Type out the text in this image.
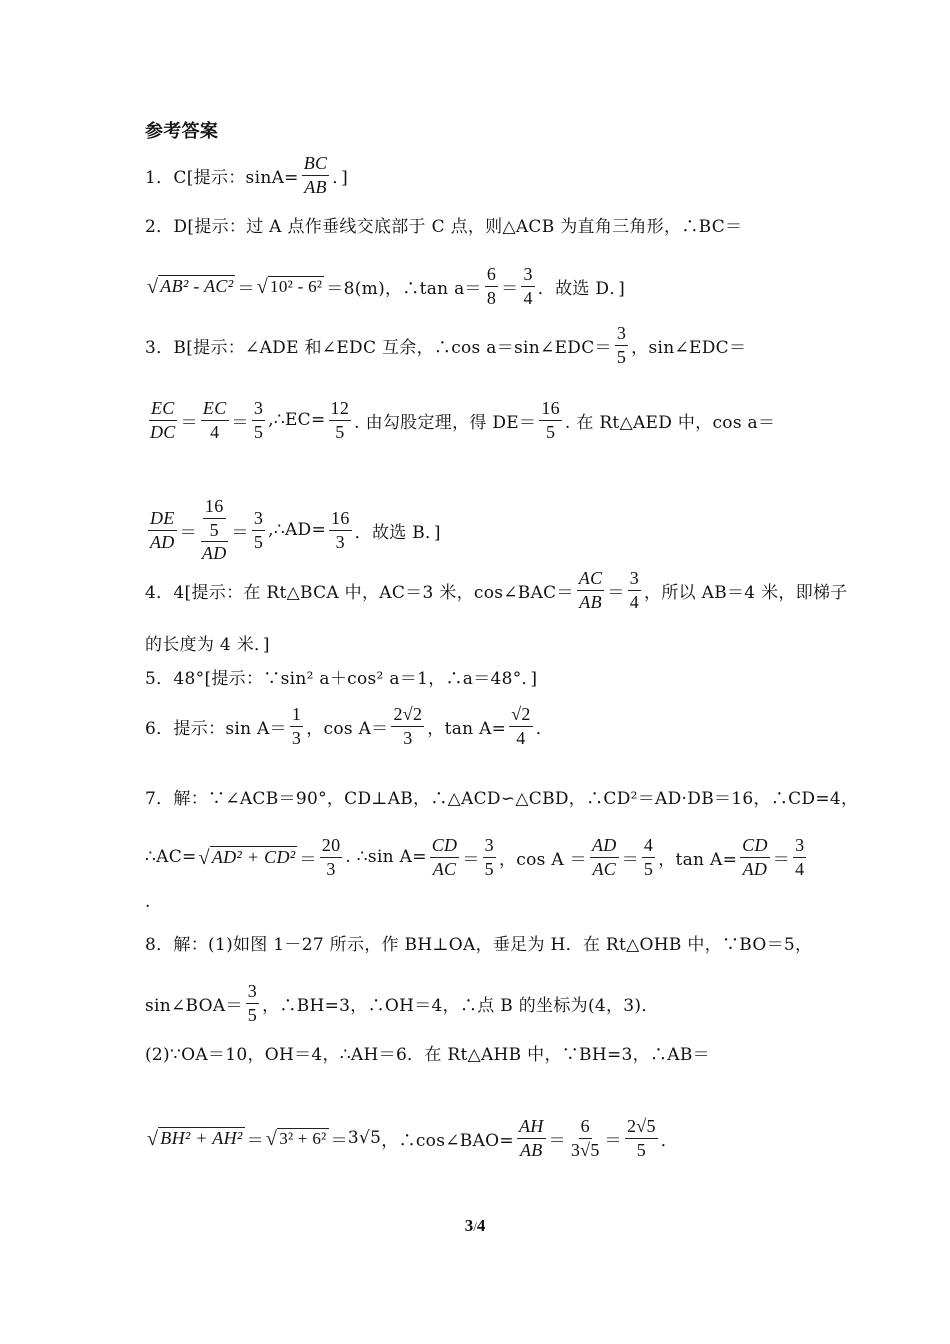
参考答案
1．C[提示：$\sin A= \frac{BC}{AB}$ ．]
2．D[提示：过 A 点作垂线交底部于 C 点，则△ACB 为直角三角形，∴BC＝
√ AB² - AC² ＝ √ 10² - 6² ＝8(m)，∴tan $a= \frac{6}{8} = \frac{3}{4}$ ．故选 D．]
3．B[提示：∠ADE 和∠EDC 互余，∴cos a＝sin∠EDC＝ $\frac{3}{5}$ ，sin∠EDC＝
$\frac{EC}{DC} = \frac{EC}{4} = \frac{3}{5}$ ,∴EC= $\frac{12}{5}$ . 由勾股定理，得 $DE= \frac{16}{5}$ . 在 Rt△AED 中，cos a＝
$\frac{DE}{AD} = \frac{\frac{16}{5}}{AD} = \frac{3}{5}$ ,∴AD= $\frac{16}{3}$ ．故选 B．]
4．4[提示：在 Rt△BCA 中，AC＝3 米，cos∠BAC＝ $\frac{AC}{AB} = \frac{3}{4}$ ，所以 AB＝4 米，即梯子
的长度为 4 米．]
5．48°[提示：∵sin² a＋cos² a＝1，∴a＝48°．]
6．提示：$\sin A= \frac{1}{3}$ ，$\cos A= \frac{2√2}{3}$ ，$\tan A= \frac{√2}{4}$ ．
7．解：∵∠ACB＝90°，CD⊥AB，∴△ACD∽△CBD，∴CD²＝AD·DB＝16，∴CD=4，
∴AC= √ $AD^2 + CD^2 = \frac{20}{3}$ . ∴sin $A= \frac{CD}{AC} = \frac{3}{5}$ ，$\cos A = \frac{AD}{AC} = \frac{4}{5}$ ，$\tan A= \frac{CD}{AD} = \frac{3}{4}$
.
8．解：(1)如图 1－27 所示，作 BH⊥OA，垂足为 H．在 Rt△OHB 中，∵BO＝5，
sin∠BOA＝ $\frac{3}{5}$ ，∴BH=3，∴OH＝4，∴点 B 的坐标为(4，3)．
(2)∵OA＝10，OH＝4，∴AH＝6．在 Rt△AHB 中，∵BH=3，∴AB＝
√ BH² + AH² ＝ √ 3² + 6² ＝ 3√5 ，∴cos∠BAO= $\frac{AH}{AB} = \frac{6}{3√5} = \frac{2√5}{5}$ ．
3/4
